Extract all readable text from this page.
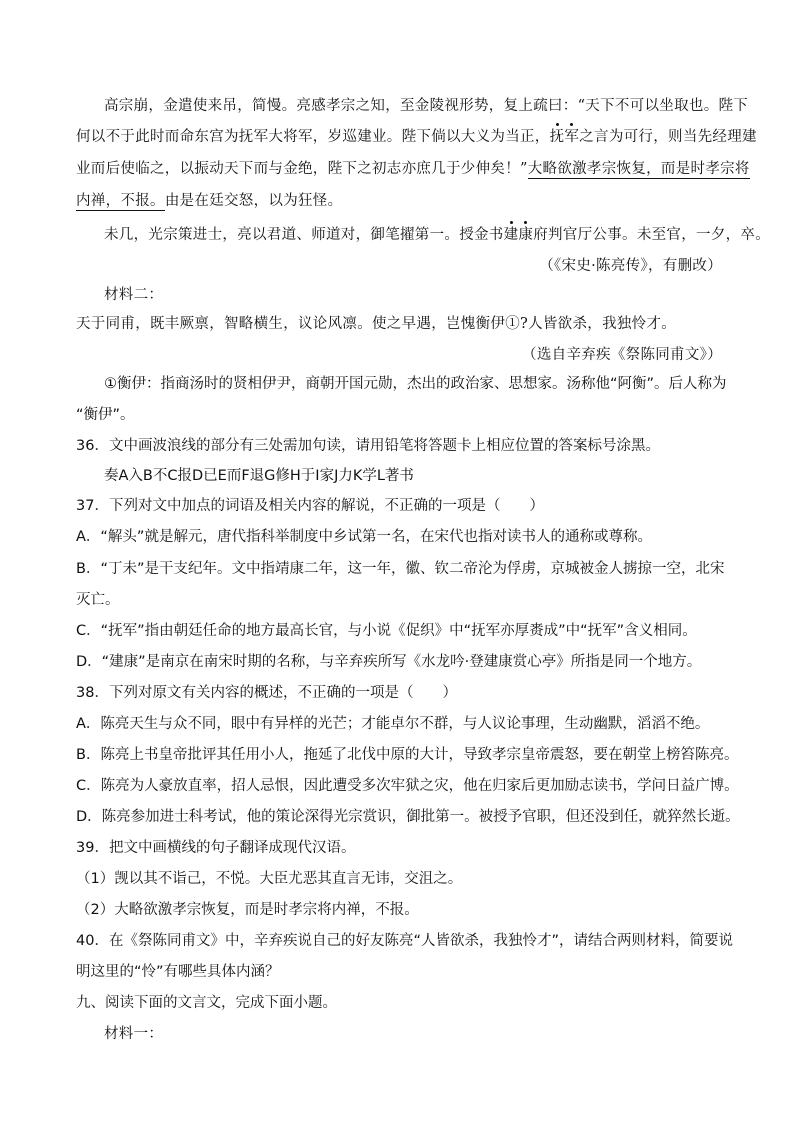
高宗崩，金遣使来吊，简慢。亮感孝宗之知，至金陵视形势，复上疏曰：“天下不可以坐取也。陛下
何以不于此时而命东宫为抚军大将军，岁巡建业。陛下倘以大义为当正，抚军之言为可行，则当先经理建
业而后使临之，以振动天下而与金绝，陛下之初志亦庶几于少伸矣！”大略欲激孝宗恢复，而是时孝宗将
内禅，不报。由是在廷交怒，以为狂怪。
未几，光宗策进士，亮以君道、师道对，御笔擢第一。授金书建康府判官厅公事。未至官，一夕，卒。
（《宋史·陈亮传》，有删改）
材料二：
天于同甫，既丰厥禀，智略横生，议论风凛。使之早遇，岂愧衡伊①?人皆欲杀，我独怜才。
（选自辛弃疾《祭陈同甫文》）
①衡伊：指商汤时的贤相伊尹，商朝开国元勋，杰出的政治家、思想家。汤称他“阿衡”。后人称为
“衡伊”。
36．文中画波浪线的部分有三处需加句读，请用铅笔将答题卡上相应位置的答案标号涂黑。
奏A入B不C报D已E而F退G修H于I家J力K学L著书
37．下列对文中加点的词语及相关内容的解说，不正确的一项是（　　）
A．“解头”就是解元，唐代指科举制度中乡试第一名，在宋代也指对读书人的通称或尊称。
B．“丁未”是干支纪年。文中指靖康二年，这一年，徽、钦二帝沦为俘虏，京城被金人掳掠一空，北宋
灭亡。
C．“抚军”指由朝廷任命的地方最高长官，与小说《促织》中“抚军亦厚赉成”中“抚军”含义相同。
D．“建康”是南京在南宋时期的名称，与辛弃疾所写《水龙吟·登建康赏心亭》所指是同一个地方。
38．下列对原文有关内容的概述，不正确的一项是（　　）
A．陈亮天生与众不同，眼中有异样的光芒；才能卓尔不群，与人议论事理，生动幽默，滔滔不绝。
B．陈亮上书皇帝批评其任用小人，拖延了北伐中原的大计，导致孝宗皇帝震怒，要在朝堂上榜笞陈亮。
C．陈亮为人豪放直率，招人忌恨，因此遭受多次牢狱之灾，他在归家后更加励志读书，学问日益广博。
D．陈亮参加进士科考试，他的策论深得光宗赏识，御批第一。被授予官职，但还没到任，就猝然长逝。
39．把文中画横线的句子翻译成现代汉语。
（1）觊以其不诣己，不悦。大臣尤恶其直言无讳，交沮之。
（2）大略欲激孝宗恢复，而是时孝宗将内禅，不报。
40．在《祭陈同甫文》中，辛弃疾说自己的好友陈亮“人皆欲杀，我独怜才”，请结合两则材料，简要说
明这里的“怜”有哪些具体内涵？
九、阅读下面的文言文，完成下面小题。
材料一：
